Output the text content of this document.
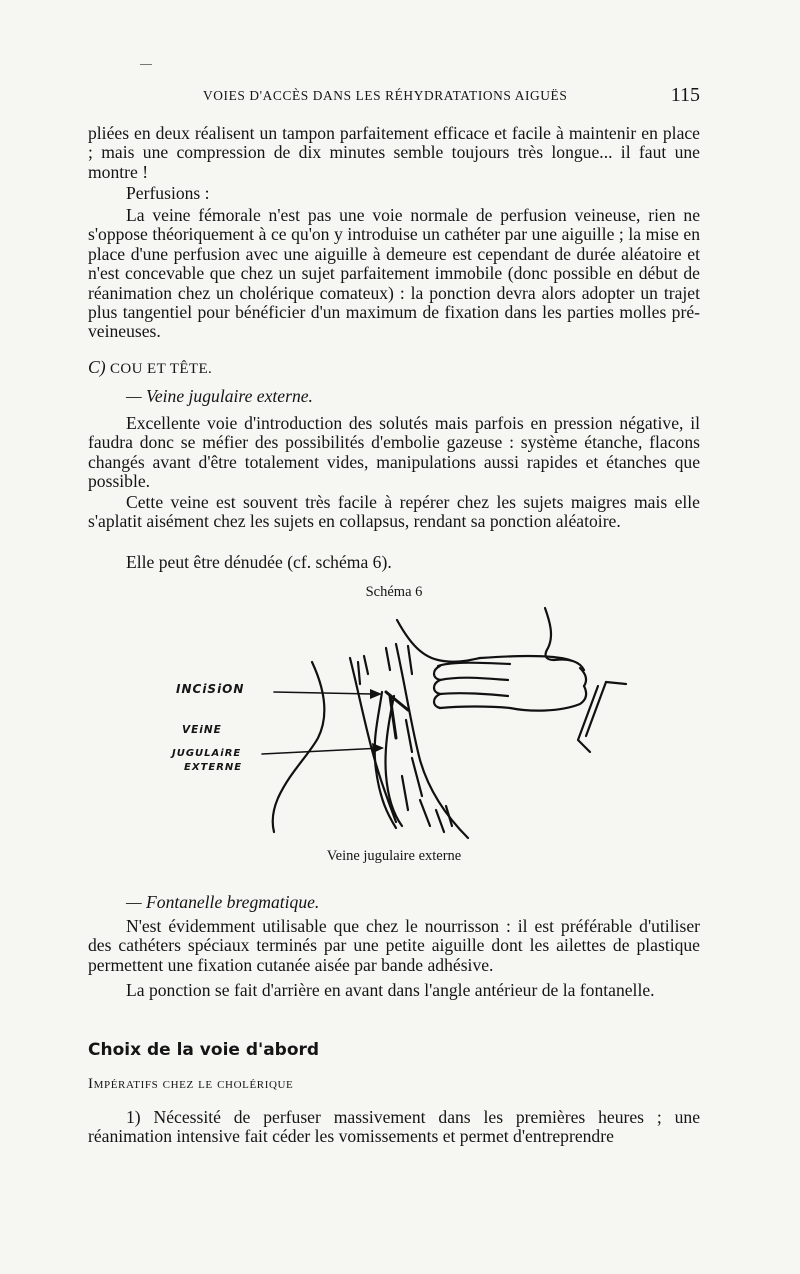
VOIES D'ACCÈS DANS LES RÉHYDRATATIONS AIGUËS	115

pliées en deux réalisent un tampon parfaitement efficace et facile à maintenir en place ; mais une compression de dix minutes semble toujours très longue... il faut une montre !

Perfusions :

La veine fémorale n'est pas une voie normale de perfusion veineuse, rien ne s'oppose théoriquement à ce qu'on y introduise un cathéter par une aiguille ; la mise en place d'une perfusion avec une aiguille à demeure est cependant de durée aléatoire et n'est concevable que chez un sujet parfaitement immobile (donc possible en début de réanimation chez un cholérique comateux) : la ponction devra alors adopter un trajet plus tangentiel pour bénéficier d'un maximum de fixation dans les parties molles pré-veineuses.

C) COU ET TÊTE.
— Veine jugulaire externe.

Excellente voie d'introduction des solutés mais parfois en pression négative, il faudra donc se méfier des possibilités d'embolie gazeuse : système étanche, flacons changés avant d'être totalement vides, manipulations aussi rapides et étanches que possible.

Cette veine est souvent très facile à repérer chez les sujets maigres mais elle s'aplatit aisément chez les sujets en collapsus, rendant sa ponction aléatoire.

Elle peut être dénudée (cf. schéma 6).

Schéma 6
INCiSiON
VEiNE
JUGULAiRE
EXTERNE
Veine jugulaire externe
— Fontanelle bregmatique.

N'est évidemment utilisable que chez le nourrisson : il est préférable d'utiliser des cathéters spéciaux terminés par une petite aiguille dont les ailettes de plastique permettent une fixation cutanée aisée par bande adhésive.

La ponction se fait d'arrière en avant dans l'angle antérieur de la fontanelle.

Choix de la voie d'abord
Impératifs chez le cholérique

1) Nécessité de perfuser massivement dans les premières heures ; une réanimation intensive fait céder les vomissements et permet d'entreprendre
